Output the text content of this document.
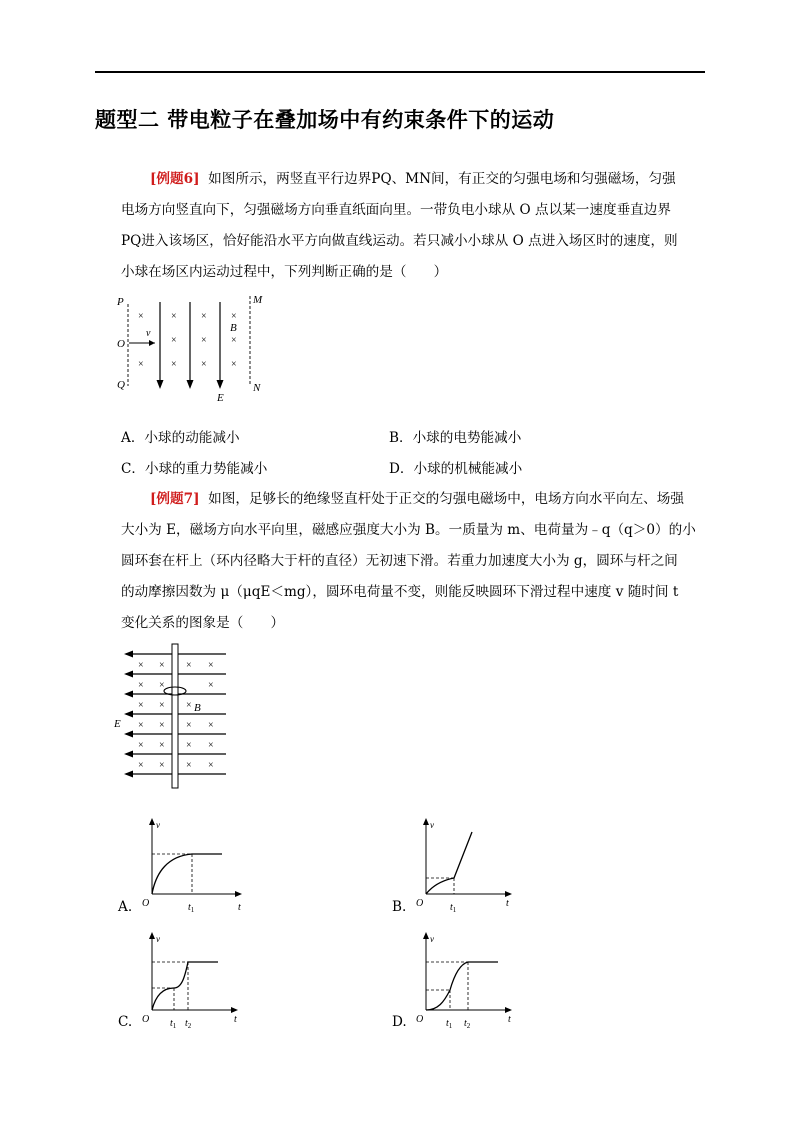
题型二 带电粒子在叠加场中有约束条件下的运动
[例题6] 如图所示，两竖直平行边界PQ、MN间，有正交的匀强电场和匀强磁场，匀强
电场方向竖直向下，匀强磁场方向垂直纸面向里。一带负电小球从 O 点以某一速度垂直边界
PQ进入该场区，恰好能沿水平方向做直线运动。若只减小小球从 O 点进入场区时的速度，则
小球在场区内运动过程中，下列判断正确的是（　　）
P
Q
M
N
O
v
E
B
×	× × ×
× × ×
×	× × ×
A．小球的动能减小	B．小球的电势能减小
C．小球的重力势能减小	D．小球的机械能减小
[例题7] 如图，足够长的绝缘竖直杆处于正交的匀强电磁场中，电场方向水平向左、场强
大小为 E，磁场方向水平向里，磁感应强度大小为 B。一质量为 m、电荷量为﹣q（q＞0）的小
圆环套在杆上（环内径略大于杆的直径）无初速下滑。若重力加速度大小为 g，圆环与杆之间
的动摩擦因数为 μ（μqE＜mg），圆环电荷量不变，则能反映圆环下滑过程中速度 v 随时间 t
变化关系的图象是（　　）
B
E
× × × ×
× ×	×
× × ×
× × × ×
× × × ×
× × × ×
A.
v
t
O	$t_1$	B.
v
t
O	$t_1$
C.
v
t
O $t_1$ $t_2$	D.
v
t
O $t_1$ $t_2$
